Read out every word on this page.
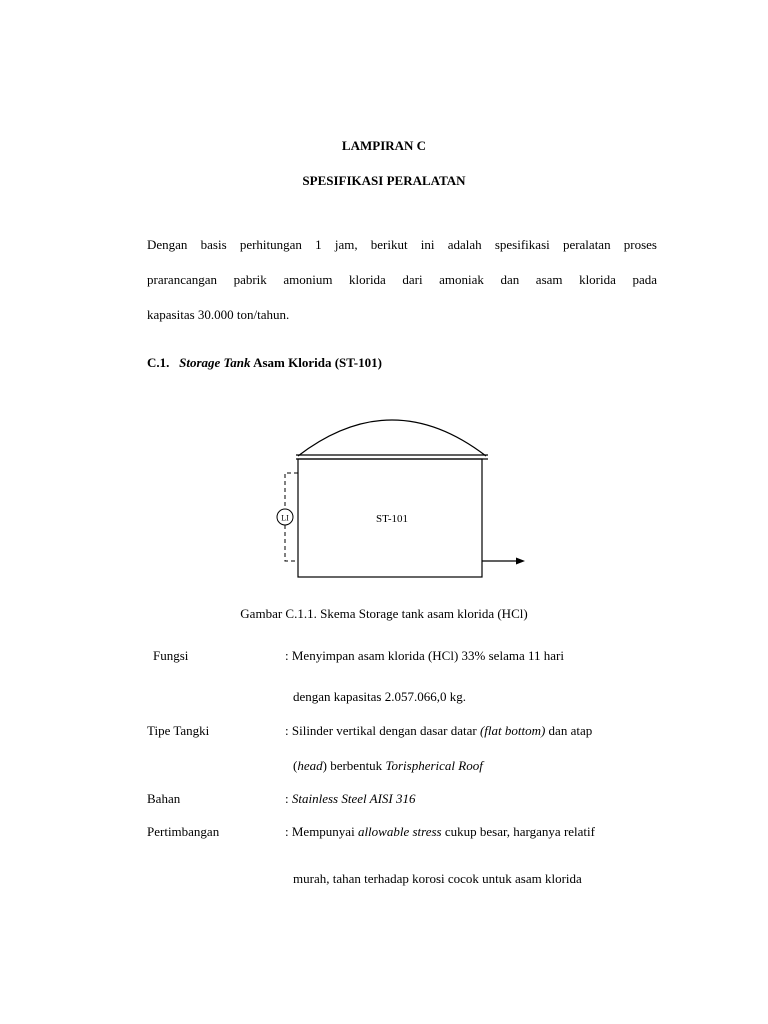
LAMPIRAN C
SPESIFIKASI PERALATAN
Dengan basis perhitungan 1 jam, berikut ini adalah spesifikasi peralatan proses
prarancangan pabrik amonium klorida dari amoniak dan asam klorida pada
kapasitas 30.000 ton/tahun.
C.1. Storage Tank Asam Klorida (ST-101)
ST-101
LI
Gambar C.1.1. Skema Storage tank asam klorida (HCl)
Fungsi	: Menyimpan asam klorida (HCl) 33% selama 11 hari
dengan kapasitas 2.057.066,0 kg.
Tipe Tangki	: Silinder vertikal dengan dasar datar (flat bottom) dan atap
(head) berbentuk Torispherical Roof
Bahan	: Stainless Steel AISI 316
Pertimbangan	: Mempunyai allowable stress cukup besar, harganya relatif
murah, tahan terhadap korosi cocok untuk asam klorida
